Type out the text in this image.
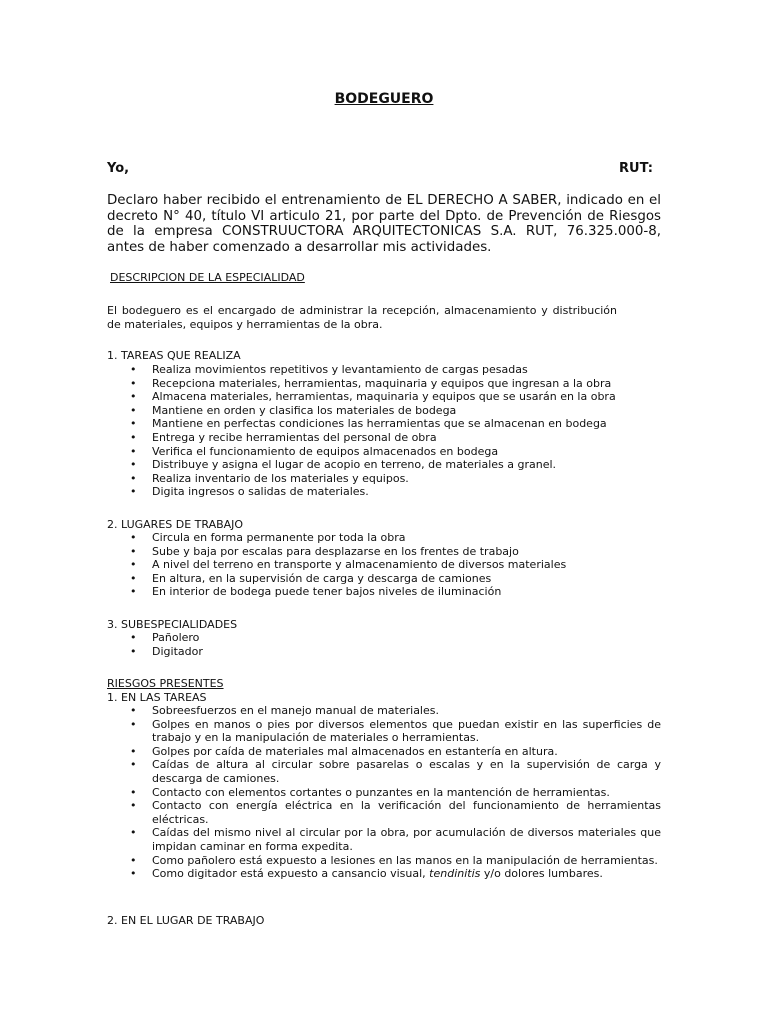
BODEGUERO
Yo,	RUT:
Declaro haber recibido el entrenamiento de EL DERECHO A SABER, indicado en el decreto N° 40, título VI articulo 21, por parte del Dpto. de Prevención de Riesgos de la empresa CONSTRUUCTORA ARQUITECTONICAS S.A. RUT, 76.325.000-8, antes de haber comenzado a desarrollar mis actividades.
DESCRIPCION DE LA ESPECIALIDAD
El bodeguero es el encargado de administrar la recepción, almacenamiento y distribución de materiales, equipos y herramientas de la obra.
1. TAREAS QUE REALIZA
• Realiza movimientos repetitivos y levantamiento de cargas pesadas
• Recepciona materiales, herramientas, maquinaria y equipos que ingresan a la obra
• Almacena materiales, herramientas, maquinaria y equipos que se usarán en la obra
• Mantiene en orden y clasifica los materiales de bodega
• Mantiene en perfectas condiciones las herramientas que se almacenan en bodega
• Entrega y recibe herramientas del personal de obra
• Verifica el funcionamiento de equipos almacenados en bodega
• Distribuye y asigna el lugar de acopio en terreno, de materiales a granel.
• Realiza inventario de los materiales y equipos.
• Digita ingresos o salidas de materiales.
2. LUGARES DE TRABAJO
• Circula en forma permanente por toda la obra
• Sube y baja por escalas para desplazarse en los frentes de trabajo
• A nivel del terreno en transporte y almacenamiento de diversos materiales
• En altura, en la supervisión de carga y descarga de camiones
• En interior de bodega puede tener bajos niveles de iluminación
3. SUBESPECIALIDADES
• Pañolero
• Digitador
RIESGOS PRESENTES
1. EN LAS TAREAS
• Sobreesfuerzos en el manejo manual de materiales.
• Golpes en manos o pies por diversos elementos que puedan existir en las superficies de trabajo y en la manipulación de materiales o herramientas.
• Golpes por caída de materiales mal almacenados en estantería en altura.
• Caídas de altura al circular sobre pasarelas o escalas y en la supervisión de carga y descarga de camiones.
• Contacto con elementos cortantes o punzantes en la mantención de herramientas.
• Contacto con energía eléctrica en la verificación del funcionamiento de herramientas eléctricas.
• Caídas del mismo nivel al circular por la obra, por acumulación de diversos materiales que impidan caminar en forma expedita.
• Como pañolero está expuesto a lesiones en las manos en la manipulación de herramientas.
• Como digitador está expuesto a cansancio visual, tendinitis y/o dolores lumbares.
2. EN EL LUGAR DE TRABAJO
